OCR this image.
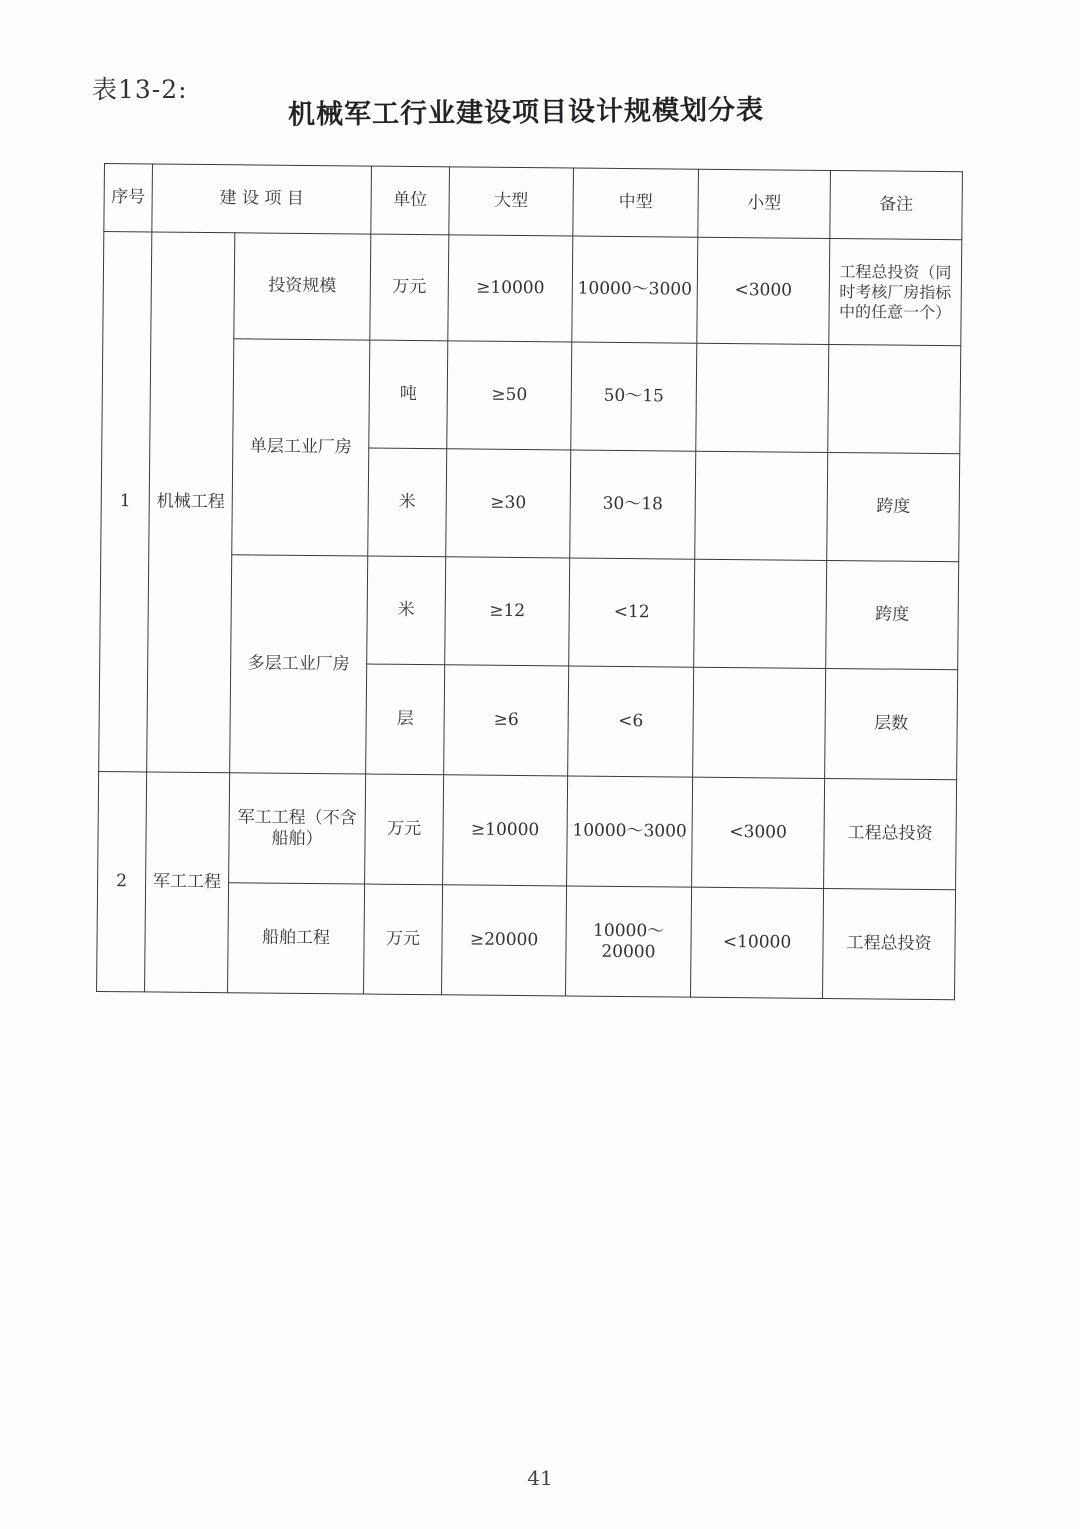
表13-2:
机械军工行业建设项目设计规模划分表
序号	建 设 项 目		单位	大型	中型	小型	备注
1	机械工程	投资规模	万元	≥10000	10000～3000	<3000	工程总投资（同时考核厂房指标中的任意一个）
		单层工业厂房	吨	≥50	50～15		
			米	≥30	30～18		跨度
		多层工业厂房	米	≥12	<12		跨度
			层	≥6	<6		层数
2	军工工程	军工工程（不含船舶）	万元	≥10000	10000～3000	<3000	工程总投资
		船舶工程	万元	≥20000	10000～20000	<10000	工程总投资
41
